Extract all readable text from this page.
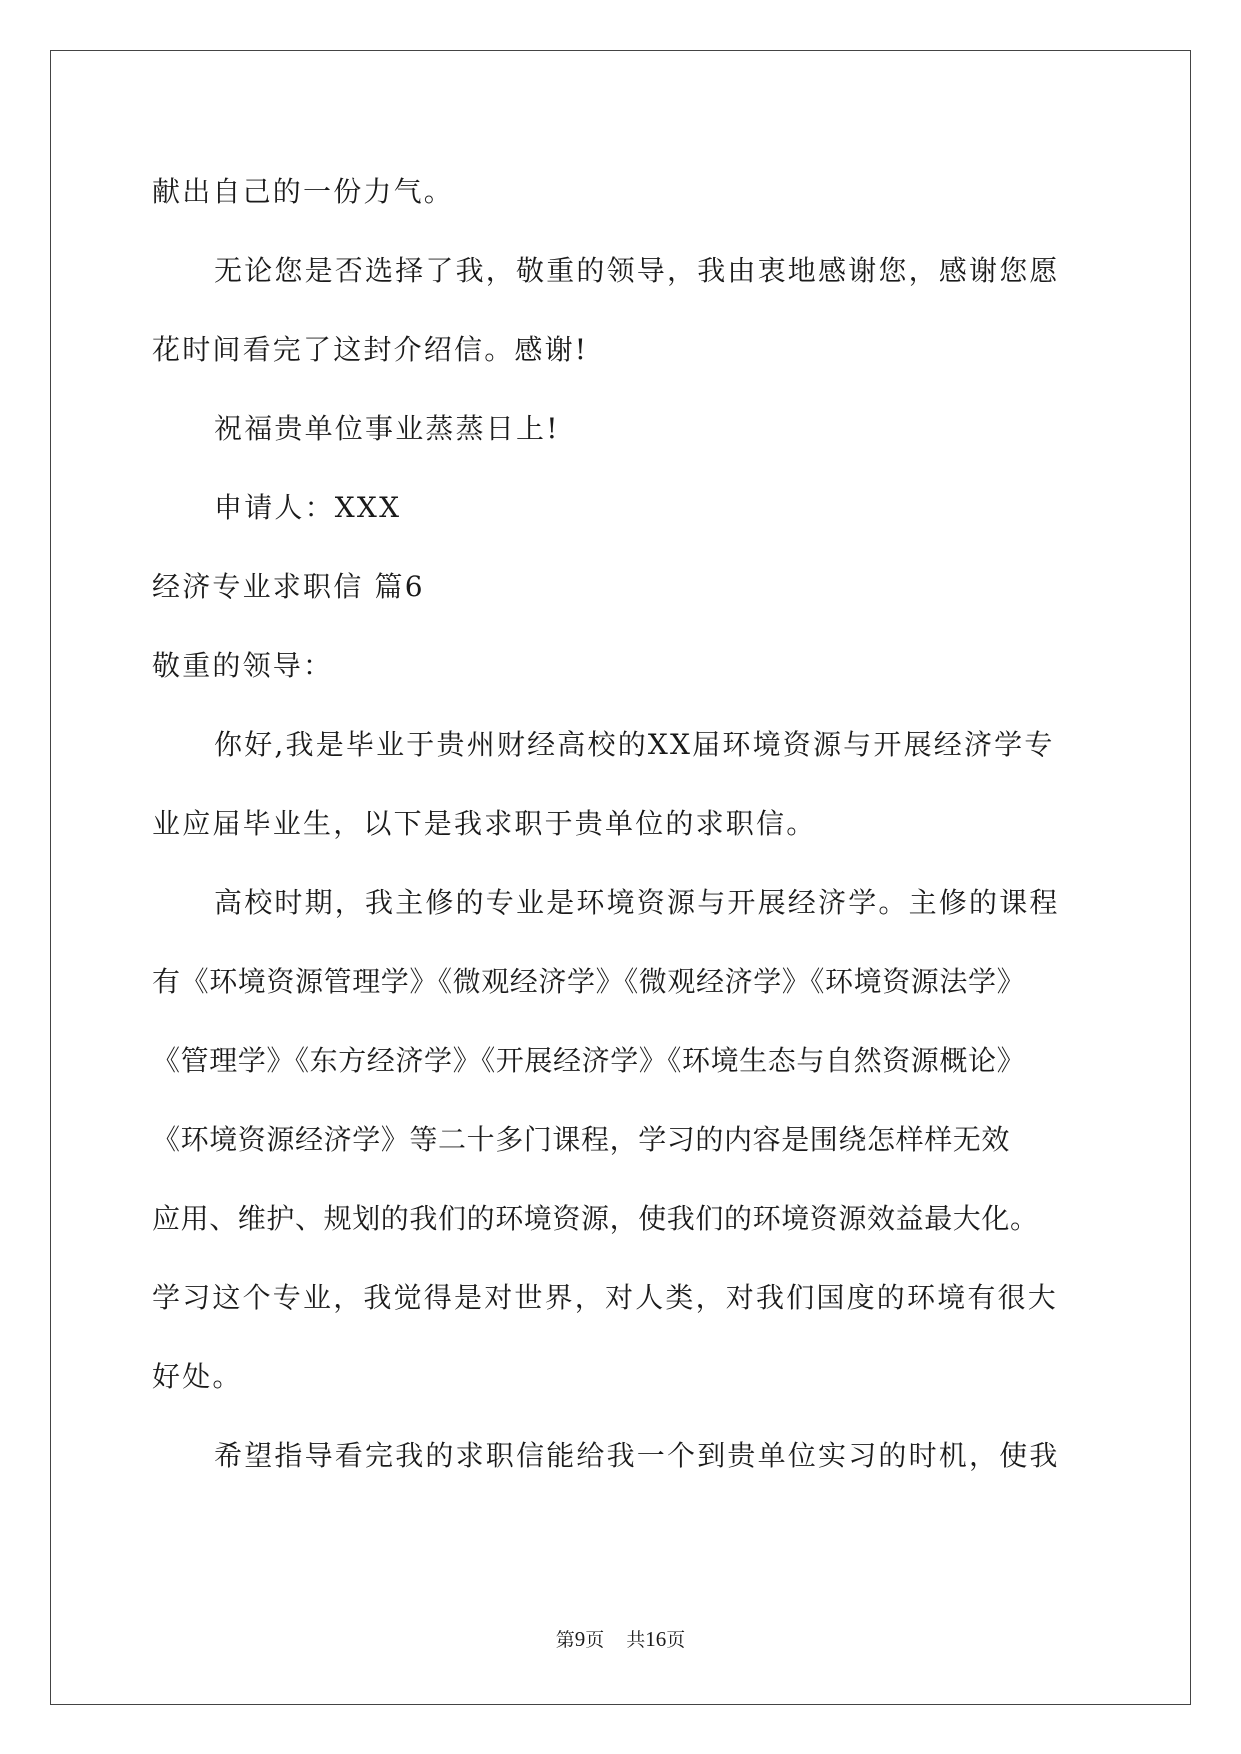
献出自己的一份力气。
无论您是否选择了我，敬重的领导，我由衷地感谢您，感谢您愿
花时间看完了这封介绍信。感谢!
祝福贵单位事业蒸蒸日上!
申请人：XXX
经济专业求职信 篇6
敬重的领导：
你好,我是毕业于贵州财经高校的XX届环境资源与开展经济学专
业应届毕业生，以下是我求职于贵单位的求职信。
高校时期，我主修的专业是环境资源与开展经济学。主修的课程
有《环境资源管理学》《微观经济学》《微观经济学》《环境资源法学》
《管理学》《东方经济学》《开展经济学》《环境生态与自然资源概论》
《环境资源经济学》等二十多门课程，学习的内容是围绕怎样样无效
应用、维护、规划的我们的环境资源，使我们的环境资源效益最大化。
学习这个专业，我觉得是对世界，对人类，对我们国度的环境有很大
好处。
希望指导看完我的求职信能给我一个到贵单位实习的时机，使我
第9页 共16页
